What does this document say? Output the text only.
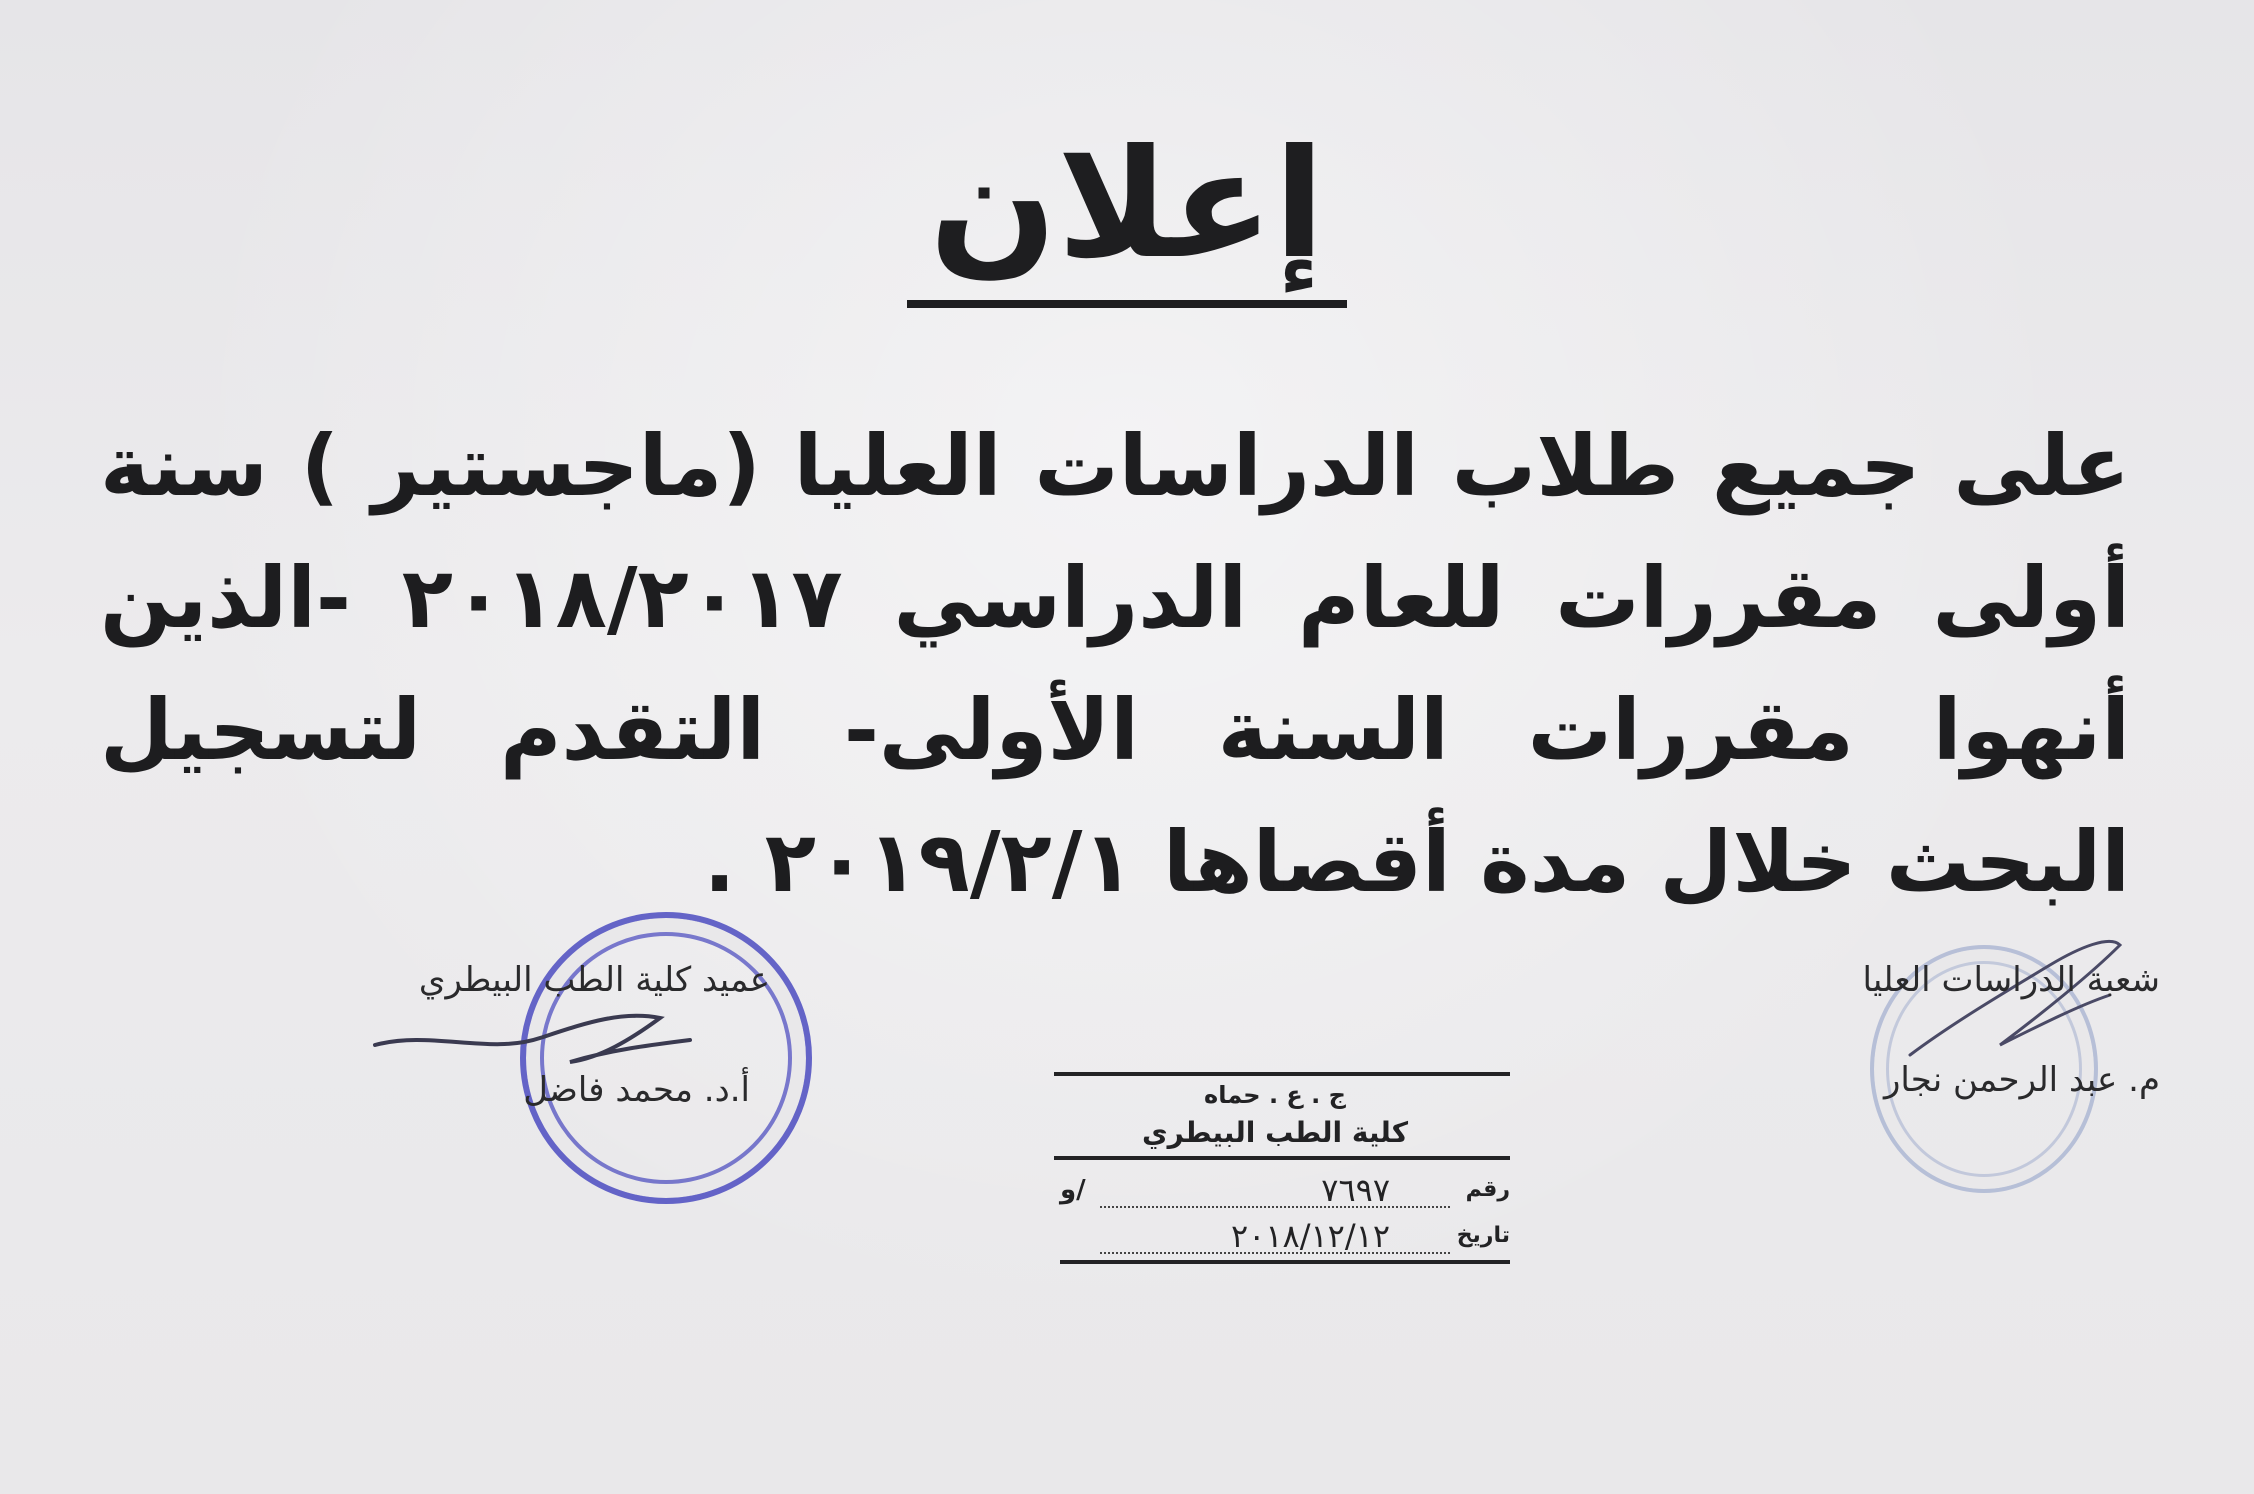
إعلان

على جميع طلاب الدراسات العليا (ماجستير ) سنة أولى مقررات للعام الدراسي ٢٠١٨/٢٠١٧ -الذين أنهوا مقررات السنة الأولى- التقدم لتسجيل البحث خلال مدة أقصاها ٢٠١٩/٢/١ .

عميد كلية الطب البيطري
أ.د. محمد فاضل
شعبة الدراسات العليا
م. عبد الرحمن نجار
ج . ع . حماه
كلية الطب البيطري
رقم
٧٦٩٧
/و
تاريخ
٢٠١٨/١٢/١٢
